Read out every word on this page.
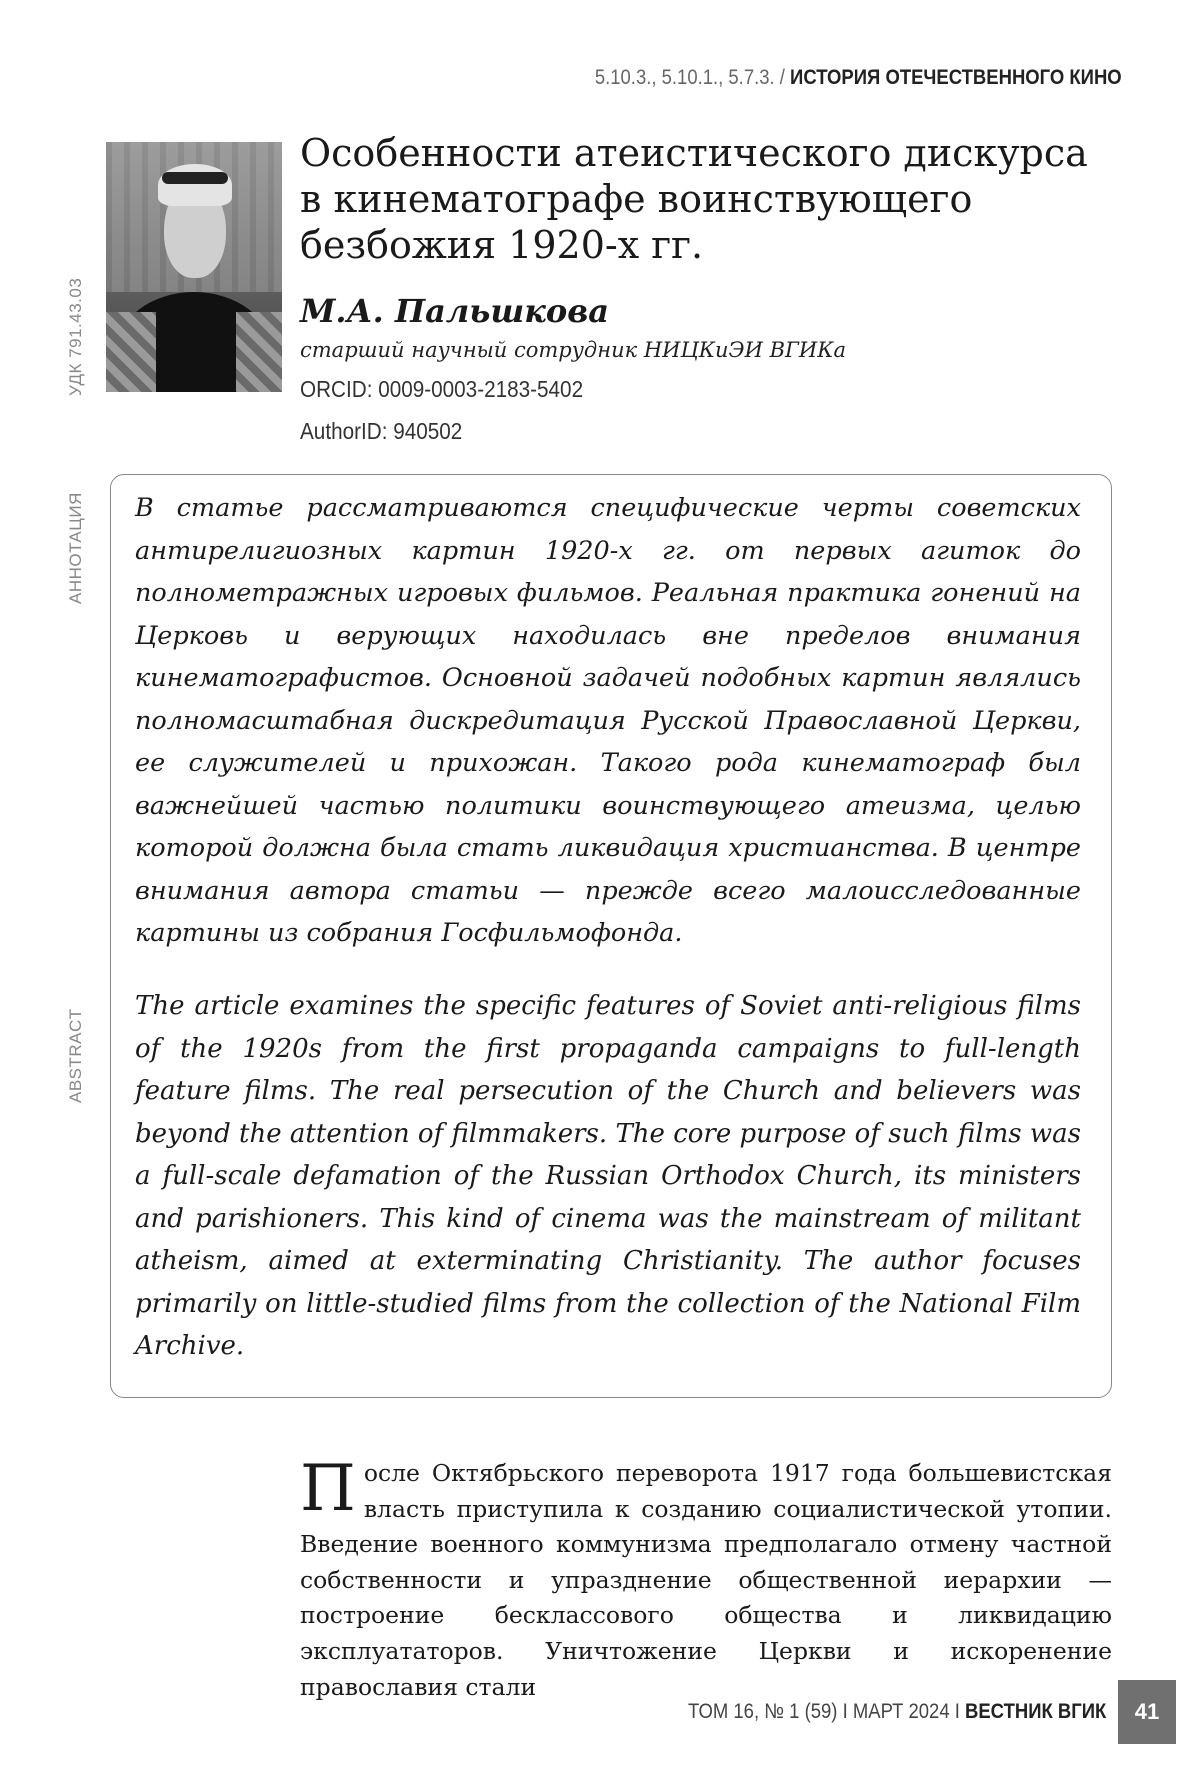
5.10.3., 5.10.1., 5.7.3. / ИСТОРИЯ ОТЕЧЕСТВЕННОГО КИНО
УДК 791.43.03
АННОТАЦИЯ
ABSTRACT
Особенности атеистического дискурса в кинематографе воинствующего безбожия 1920-х гг.
М.А. Пальшкова
старший научный сотрудник НИЦКиЭИ ВГИКа
ORCID: 0009-0003-2183-5402
AuthorID: 940502

В статье рассматриваются специфические черты советских антирелигиозных картин 1920-х гг. от первых агиток до полнометражных игровых фильмов. Реальная практика гонений на Церковь и верующих находилась вне пределов внимания кинематографистов. Основной задачей подобных картин являлись полномасштабная дискредитация Русской Православной Церкви, ее служителей и прихожан. Такого рода кинематограф был важнейшей частью политики воинствующего атеизма, целью которой должна была стать ликвидация христианства. В центре внимания автора статьи — прежде всего малоисследованные картины из собрания Госфильмофонда.

The article examines the specific features of Soviet anti-religious films of the 1920s from the first propaganda campaigns to full-length feature films. The real persecution of the Church and believers was beyond the attention of filmmakers. The core purpose of such films was a full-scale defamation of the Russian Orthodox Church, its ministers and parishioners. This kind of cinema was the mainstream of militant atheism, aimed at exterminating Christianity. The author focuses primarily on little-studied films from the collection of the National Film Archive.

После Октябрьского переворота 1917 года большевистская власть приступила к созданию социалистической утопии. Введение военного коммунизма предполагало отмену частной собственности и упразднение общественной иерархии — построение бесклассового общества и ликвидацию эксплуататоров. Уничтожение Церкви и искоренение православия стали

ТОМ 16, № 1 (59) I МАРТ 2024 I ВЕСТНИК ВГИК	41
